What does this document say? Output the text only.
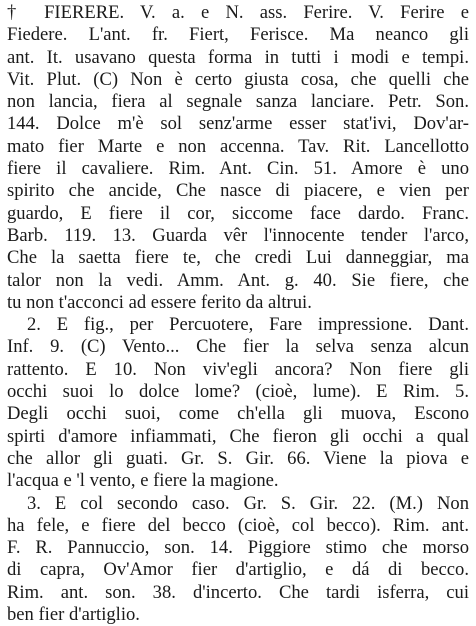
† FIERERE. V. a. e N. ass. Ferire. V. Ferire e
Fiedere. L'ant. fr. Fiert, Ferisce. Ma neanco gli
ant. It. usavano questa forma in tutti i modi e tempi.
Vit. Plut. (C) Non è certo giusta cosa, che quelli che
non lancia, fiera al segnale sanza lanciare. Petr. Son.
144. Dolce m'è sol senz'arme esser stat'ivi, Dov'ar-
mato fier Marte e non accenna. Tav. Rit. Lancellotto
fiere il cavaliere. Rim. Ant. Cin. 51. Amore è uno
spirito che ancide, Che nasce di piacere, e vien per
guardo, E fiere il cor, siccome face dardo. Franc.
Barb. 119. 13. Guarda vêr l'innocente tender l'arco,
Che la saetta fiere te, che credi Lui danneggiar, ma
talor non la vedi. Amm. Ant. g. 40. Sie fiere, che
tu non t'acconci ad essere ferito da altrui.
2. E fig., per Percuotere, Fare impressione. Dant.
Inf. 9. (C) Vento... Che fier la selva senza alcun
rattento. E 10. Non viv'egli ancora? Non fiere gli
occhi suoi lo dolce lome? (cioè, lume). E Rim. 5.
Degli occhi suoi, come ch'ella gli muova, Escono
spirti d'amore infiammati, Che fieron gli occhi a qual
che allor gli guati. Gr. S. Gir. 66. Viene la piova e
l'acqua e 'l vento, e fiere la magione.
3. E col secondo caso. Gr. S. Gir. 22. (M.) Non
ha fele, e fiere del becco (cioè, col becco). Rim. ant.
F. R. Pannuccio, son. 14. Piggiore stimo che morso
di capra, Ov'Amor fier d'artiglio, e dá di becco.
Rim. ant. son. 38. d'incerto. Che tardi isferra, cui
ben fier d'artiglio.
